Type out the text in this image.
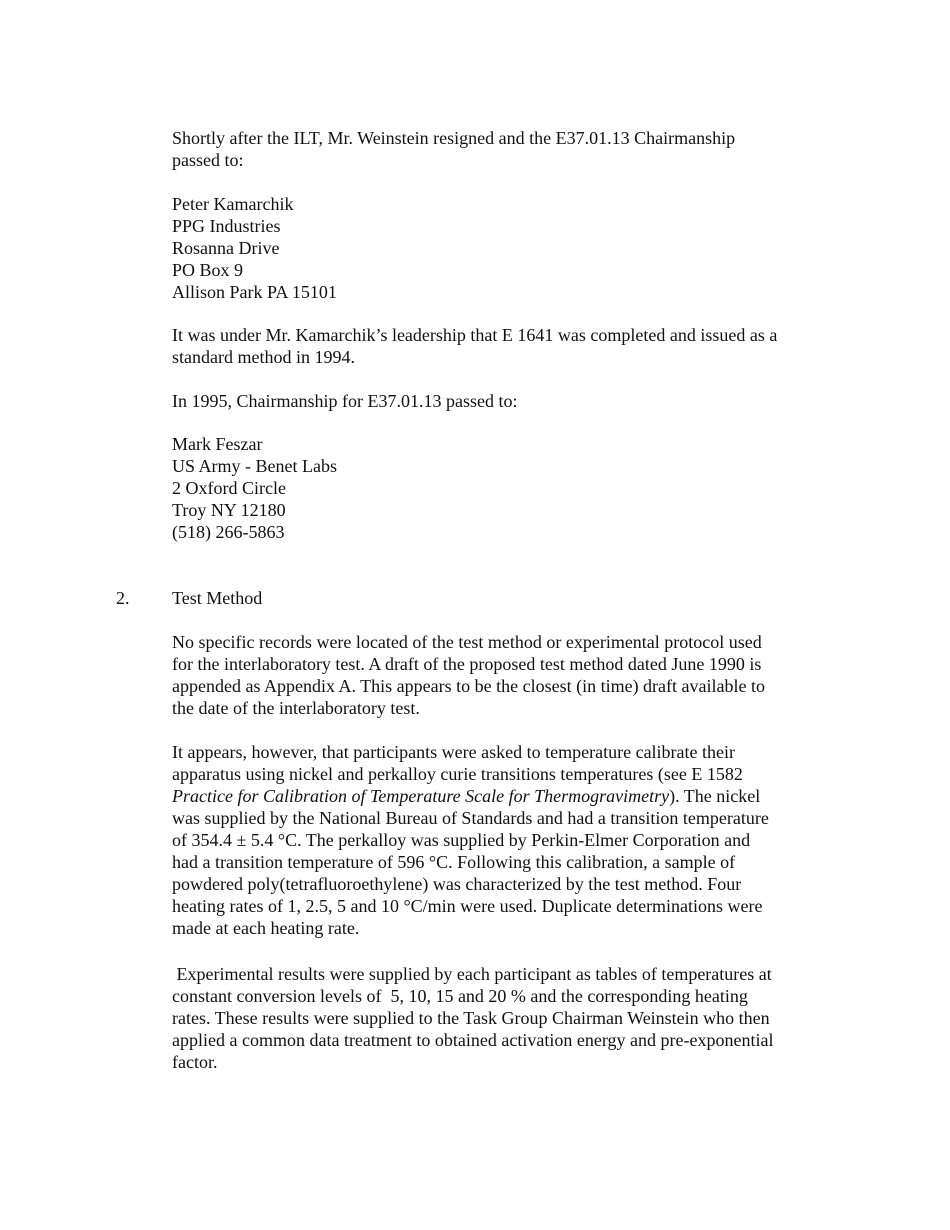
Shortly after the ILT, Mr. Weinstein resigned and the E37.01.13 Chairmanship
passed to:
Peter Kamarchik
PPG Industries
Rosanna Drive
PO Box 9
Allison Park PA 15101
It was under Mr. Kamarchik’s leadership that E 1641 was completed and issued as a
standard method in 1994.
In 1995, Chairmanship for E37.01.13 passed to:
Mark Feszar
US Army - Benet Labs
2 Oxford Circle
Troy NY 12180
(518) 266-5863
2. Test Method
No specific records were located of the test method or experimental protocol used
for the interlaboratory test. A draft of the proposed test method dated June 1990 is
appended as Appendix A. This appears to be the closest (in time) draft available to
the date of the interlaboratory test.
It appears, however, that participants were asked to temperature calibrate their
apparatus using nickel and perkalloy curie transitions temperatures (see E 1582
Practice for Calibration of Temperature Scale for Thermogravimetry). The nickel
was supplied by the National Bureau of Standards and had a transition temperature
of 354.4 ± 5.4 °C. The perkalloy was supplied by Perkin-Elmer Corporation and
had a transition temperature of 596 °C. Following this calibration, a sample of
powdered poly(tetrafluoroethylene) was characterized by the test method. Four
heating rates of 1, 2.5, 5 and 10 °C/min were used. Duplicate determinations were
made at each heating rate.
Experimental results were supplied by each participant as tables of temperatures at
constant conversion levels of  5, 10, 15 and 20 % and the corresponding heating
rates. These results were supplied to the Task Group Chairman Weinstein who then
applied a common data treatment to obtained activation energy and pre-exponential
factor.
